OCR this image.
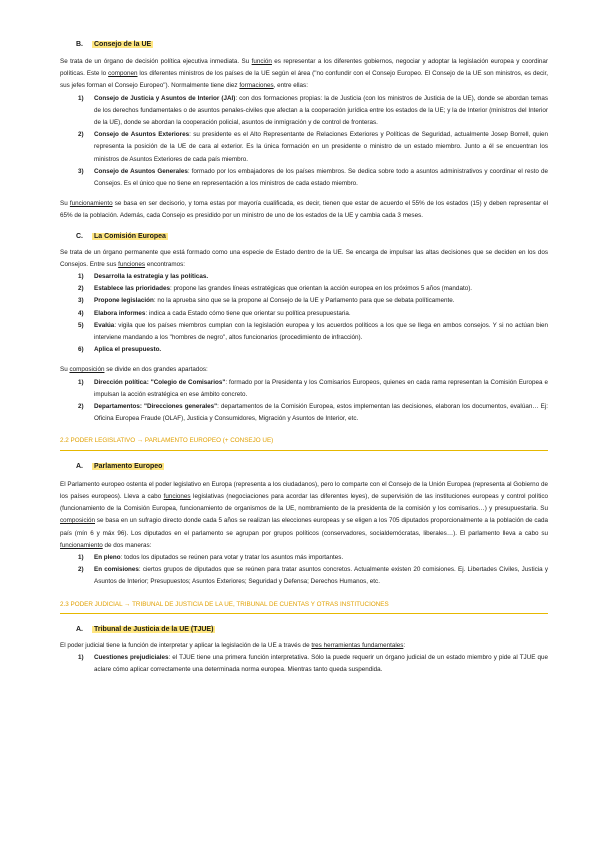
B.	Consejo de la UE

Se trata de un órgano de decisión política ejecutiva inmediata. Su función es representar a los diferentes gobiernos, negociar y adoptar la legislación europea y coordinar políticas. Este lo componen los diferentes ministros de los países de la UE según el área ("no confundir con el Consejo Europeo. El Consejo de la UE son ministros, es decir, sus jefes forman el Consejo Europeo"). Normalmente tiene diez formaciones, entre ellas:

1)	Consejo de Justicia y Asuntos de Interior (JAI): con dos formaciones propias: la de Justicia (con los ministros de Justicia de la UE), donde se abordan temas de los derechos fundamentales o de asuntos penales-civiles que afectan a la cooperación jurídica entre los estados de la UE; y la de Interior (ministros del Interior de la UE), donde se abordan la cooperación policial, asuntos de inmigración y de control de fronteras.
2)	Consejo de Asuntos Exteriores: su presidente es el Alto Representante de Relaciones Exteriores y Políticas de Seguridad, actualmente Josep Borrell, quien representa la posición de la UE de cara al exterior. Es la única formación en un presidente o ministro de un estado miembro. Junto a él se encuentran los ministros de Asuntos Exteriores de cada país miembro.
3)	Consejo de Asuntos Generales: formado por los embajadores de los países miembros. Se dedica sobre todo a asuntos administrativos y coordinar el resto de Consejos. Es el único que no tiene en representación a los ministros de cada estado miembro.

Su funcionamiento se basa en ser decisorio, y toma estas por mayoría cualificada, es decir, tienen que estar de acuerdo el 55% de los estados (15) y deben representar el 65% de la población. Además, cada Consejo es presidido por un ministro de uno de los estados de la UE y cambia cada 3 meses.

C.	La Comisión Europea

Se trata de un órgano permanente que está formado como una especie de Estado dentro de la UE. Se encarga de impulsar las altas decisiones que se deciden en los dos Consejos. Entre sus funciones encontramos:

1)	Desarrolla la estrategia y las políticas.
2)	Establece las prioridades: propone las grandes líneas estratégicas que orientan la acción europea en los próximos 5 años (mandato).
3)	Propone legislación: no la aprueba sino que se la propone al Consejo de la UE y Parlamento para que se debata políticamente.
4)	Elabora informes: indica a cada Estado cómo tiene que orientar su política presupuestaria.
5)	Evalúa: vigila que los países miembros cumplan con la legislación europea y los acuerdos políticos a los que se llega en ambos consejos. Y si no actúan bien interviene mandando a los "hombres de negro", altos funcionarios (procedimiento de infracción).
6)	Aplica el presupuesto.

Su composición se divide en dos grandes apartados:

1)	Dirección política: "Colegio de Comisarios": formado por la Presidenta y los Comisarios Europeos, quienes en cada rama representan la Comisión Europea e impulsan la acción estratégica en ese ámbito concreto.
2)	Departamentos: "Direcciones generales": departamentos de la Comisión Europea, estos implementan las decisiones, elaboran los documentos, evalúan… Ej: Oficina Europea Fraude (OLAF), Justicia y Consumidores, Migración y Asuntos de Interior, etc.

2.2 PODER LEGISLATIVO → PARLAMENTO EUROPEO (+ CONSEJO UE)

A.	Parlamento Europeo

El Parlamento europeo ostenta el poder legislativo en Europa (representa a los ciudadanos), pero lo comparte con el Consejo de la Unión Europea (representa al Gobierno de los países europeos). Lleva a cabo funciones legislativas (negociaciones para acordar las diferentes leyes), de supervisión de las instituciones europeas y control político (funcionamiento de la Comisión Europea, funcionamiento de organismos de la UE, nombramiento de la presidenta de la comisión y los comisarios…) y presupuestaria. Su composición se basa en un sufragio directo donde cada 5 años se realizan las elecciones europeas y se eligen a los 705 diputados proporcionalmente a la población de cada país (mín 6 y máx 96). Los diputados en el parlamento se agrupan por grupos políticos (conservadores, socialdemócratas, liberales…). El parlamento lleva a cabo su funcionamiento de dos maneras:

1)	En pleno: todos los diputados se reúnen para votar y tratar los asuntos más importantes.
2)	En comisiones: ciertos grupos de diputados que se reúnen para tratar asuntos concretos. Actualmente existen 20 comisiones. Ej. Libertades Civiles, Justicia y Asuntos de Interior; Presupuestos; Asuntos Exteriores; Seguridad y Defensa; Derechos Humanos, etc.

2.3 PODER JUDICIAL → TRIBUNAL DE JUSTICIA DE LA UE, TRIBUNAL DE CUENTAS Y OTRAS INSTITUCIONES

A.	Tribunal de Justicia de la UE (TJUE)

El poder judicial tiene la función de interpretar y aplicar la legislación de la UE a través de tres herramientas fundamentales:

1)	Cuestiones prejudiciales: el TJUE tiene una primera función interpretativa. Sólo la puede requerir un órgano judicial de un estado miembro y pide al TJUE que aclare cómo aplicar correctamente una determinada norma europea. Mientras tanto queda suspendida.
